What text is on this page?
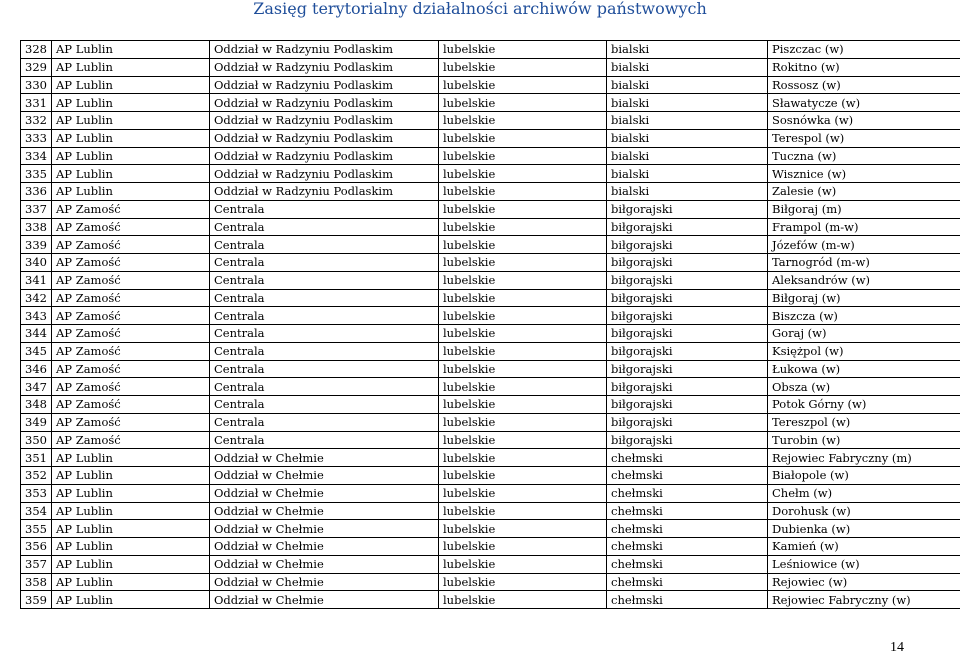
Zasięg terytorialny działalności archiwów państwowych
328	AP Lublin	Oddział w Radzyniu Podlaskim	lubelskie	bialski	Piszczac (w)
329	AP Lublin	Oddział w Radzyniu Podlaskim	lubelskie	bialski	Rokitno (w)
330	AP Lublin	Oddział w Radzyniu Podlaskim	lubelskie	bialski	Rossosz (w)
331	AP Lublin	Oddział w Radzyniu Podlaskim	lubelskie	bialski	Sławatycze (w)
332	AP Lublin	Oddział w Radzyniu Podlaskim	lubelskie	bialski	Sosnówka (w)
333	AP Lublin	Oddział w Radzyniu Podlaskim	lubelskie	bialski	Terespol (w)
334	AP Lublin	Oddział w Radzyniu Podlaskim	lubelskie	bialski	Tuczna (w)
335	AP Lublin	Oddział w Radzyniu Podlaskim	lubelskie	bialski	Wisznice (w)
336	AP Lublin	Oddział w Radzyniu Podlaskim	lubelskie	bialski	Zalesie (w)
337	AP Zamość	Centrala	lubelskie	biłgorajski	Biłgoraj (m)
338	AP Zamość	Centrala	lubelskie	biłgorajski	Frampol (m-w)
339	AP Zamość	Centrala	lubelskie	biłgorajski	Józefów (m-w)
340	AP Zamość	Centrala	lubelskie	biłgorajski	Tarnogród (m-w)
341	AP Zamość	Centrala	lubelskie	biłgorajski	Aleksandrów (w)
342	AP Zamość	Centrala	lubelskie	biłgorajski	Biłgoraj (w)
343	AP Zamość	Centrala	lubelskie	biłgorajski	Biszcza (w)
344	AP Zamość	Centrala	lubelskie	biłgorajski	Goraj (w)
345	AP Zamość	Centrala	lubelskie	biłgorajski	Księżpol (w)
346	AP Zamość	Centrala	lubelskie	biłgorajski	Łukowa (w)
347	AP Zamość	Centrala	lubelskie	biłgorajski	Obsza (w)
348	AP Zamość	Centrala	lubelskie	biłgorajski	Potok Górny (w)
349	AP Zamość	Centrala	lubelskie	biłgorajski	Tereszpol (w)
350	AP Zamość	Centrala	lubelskie	biłgorajski	Turobin (w)
351	AP Lublin	Oddział w Chełmie	lubelskie	chełmski	Rejowiec Fabryczny (m)
352	AP Lublin	Oddział w Chełmie	lubelskie	chełmski	Białopole (w)
353	AP Lublin	Oddział w Chełmie	lubelskie	chełmski	Chełm (w)
354	AP Lublin	Oddział w Chełmie	lubelskie	chełmski	Dorohusk (w)
355	AP Lublin	Oddział w Chełmie	lubelskie	chełmski	Dubienka (w)
356	AP Lublin	Oddział w Chełmie	lubelskie	chełmski	Kamień (w)
357	AP Lublin	Oddział w Chełmie	lubelskie	chełmski	Leśniowice (w)
358	AP Lublin	Oddział w Chełmie	lubelskie	chełmski	Rejowiec (w)
359	AP Lublin	Oddział w Chełmie	lubelskie	chełmski	Rejowiec Fabryczny (w)
14
